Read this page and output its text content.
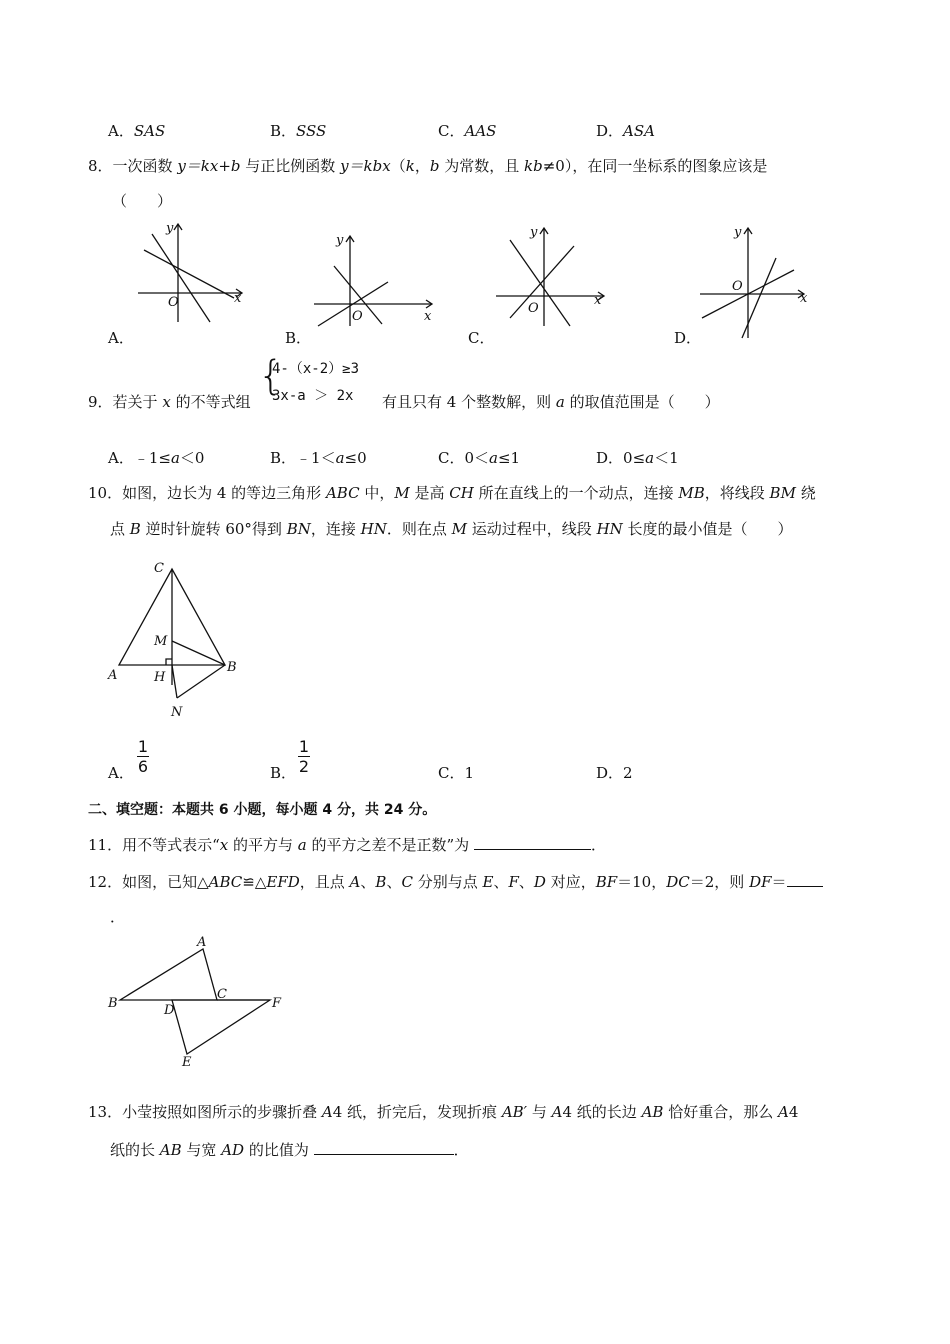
A．SAS	B．SSS	C．AAS	D．ASA
8．一次函数 y＝kx+b 与正比例函数 y＝kbx（k，b 为常数，且 kb≠0），在同一坐标系的图象应该是
（　　）
y
x
O
A．
y
x
O
B．
y
x
O
C．
y
x
O
D．
9．若关于 x 的不等式组
{
4-（x-2）≥3
3x-a ＞ 2x 有且只有 4 个整数解，则 a 的取值范围是（　　）
A．﹣1≤a＜0	B．﹣1＜a≤0	C．0＜a≤1	D．0≤a＜1
10．如图，边长为 4 的等边三角形 ABC 中，M 是高 CH 所在直线上的一个动点，连接 MB，将线段 BM 绕
点 B 逆时针旋转 60°得到 BN，连接 HN．则在点 M 运动过程中，线段 HN 长度的最小值是（　　）
C
M
A	H
B
N
A．
1
6	B．
1
2	C．1	D．2
二、填空题：本题共 6 小题，每小题 4 分，共 24 分。
11．用不等式表示“x 的平方与 a 的平方之差不是正数”为	．
12．如图，已知△ABC≌△EFD，且点 A、B、C 分别与点 E、F、D 对应，BF＝10，DC＝2，则 DF＝
．
A
B
C
D	F
E
13．小莹按照如图所示的步骤折叠 A4 纸，折完后，发现折痕 AB′ 与 A4 纸的长边 AB 恰好重合，那么 A4
纸的长 AB 与宽 AD 的比值为	．
